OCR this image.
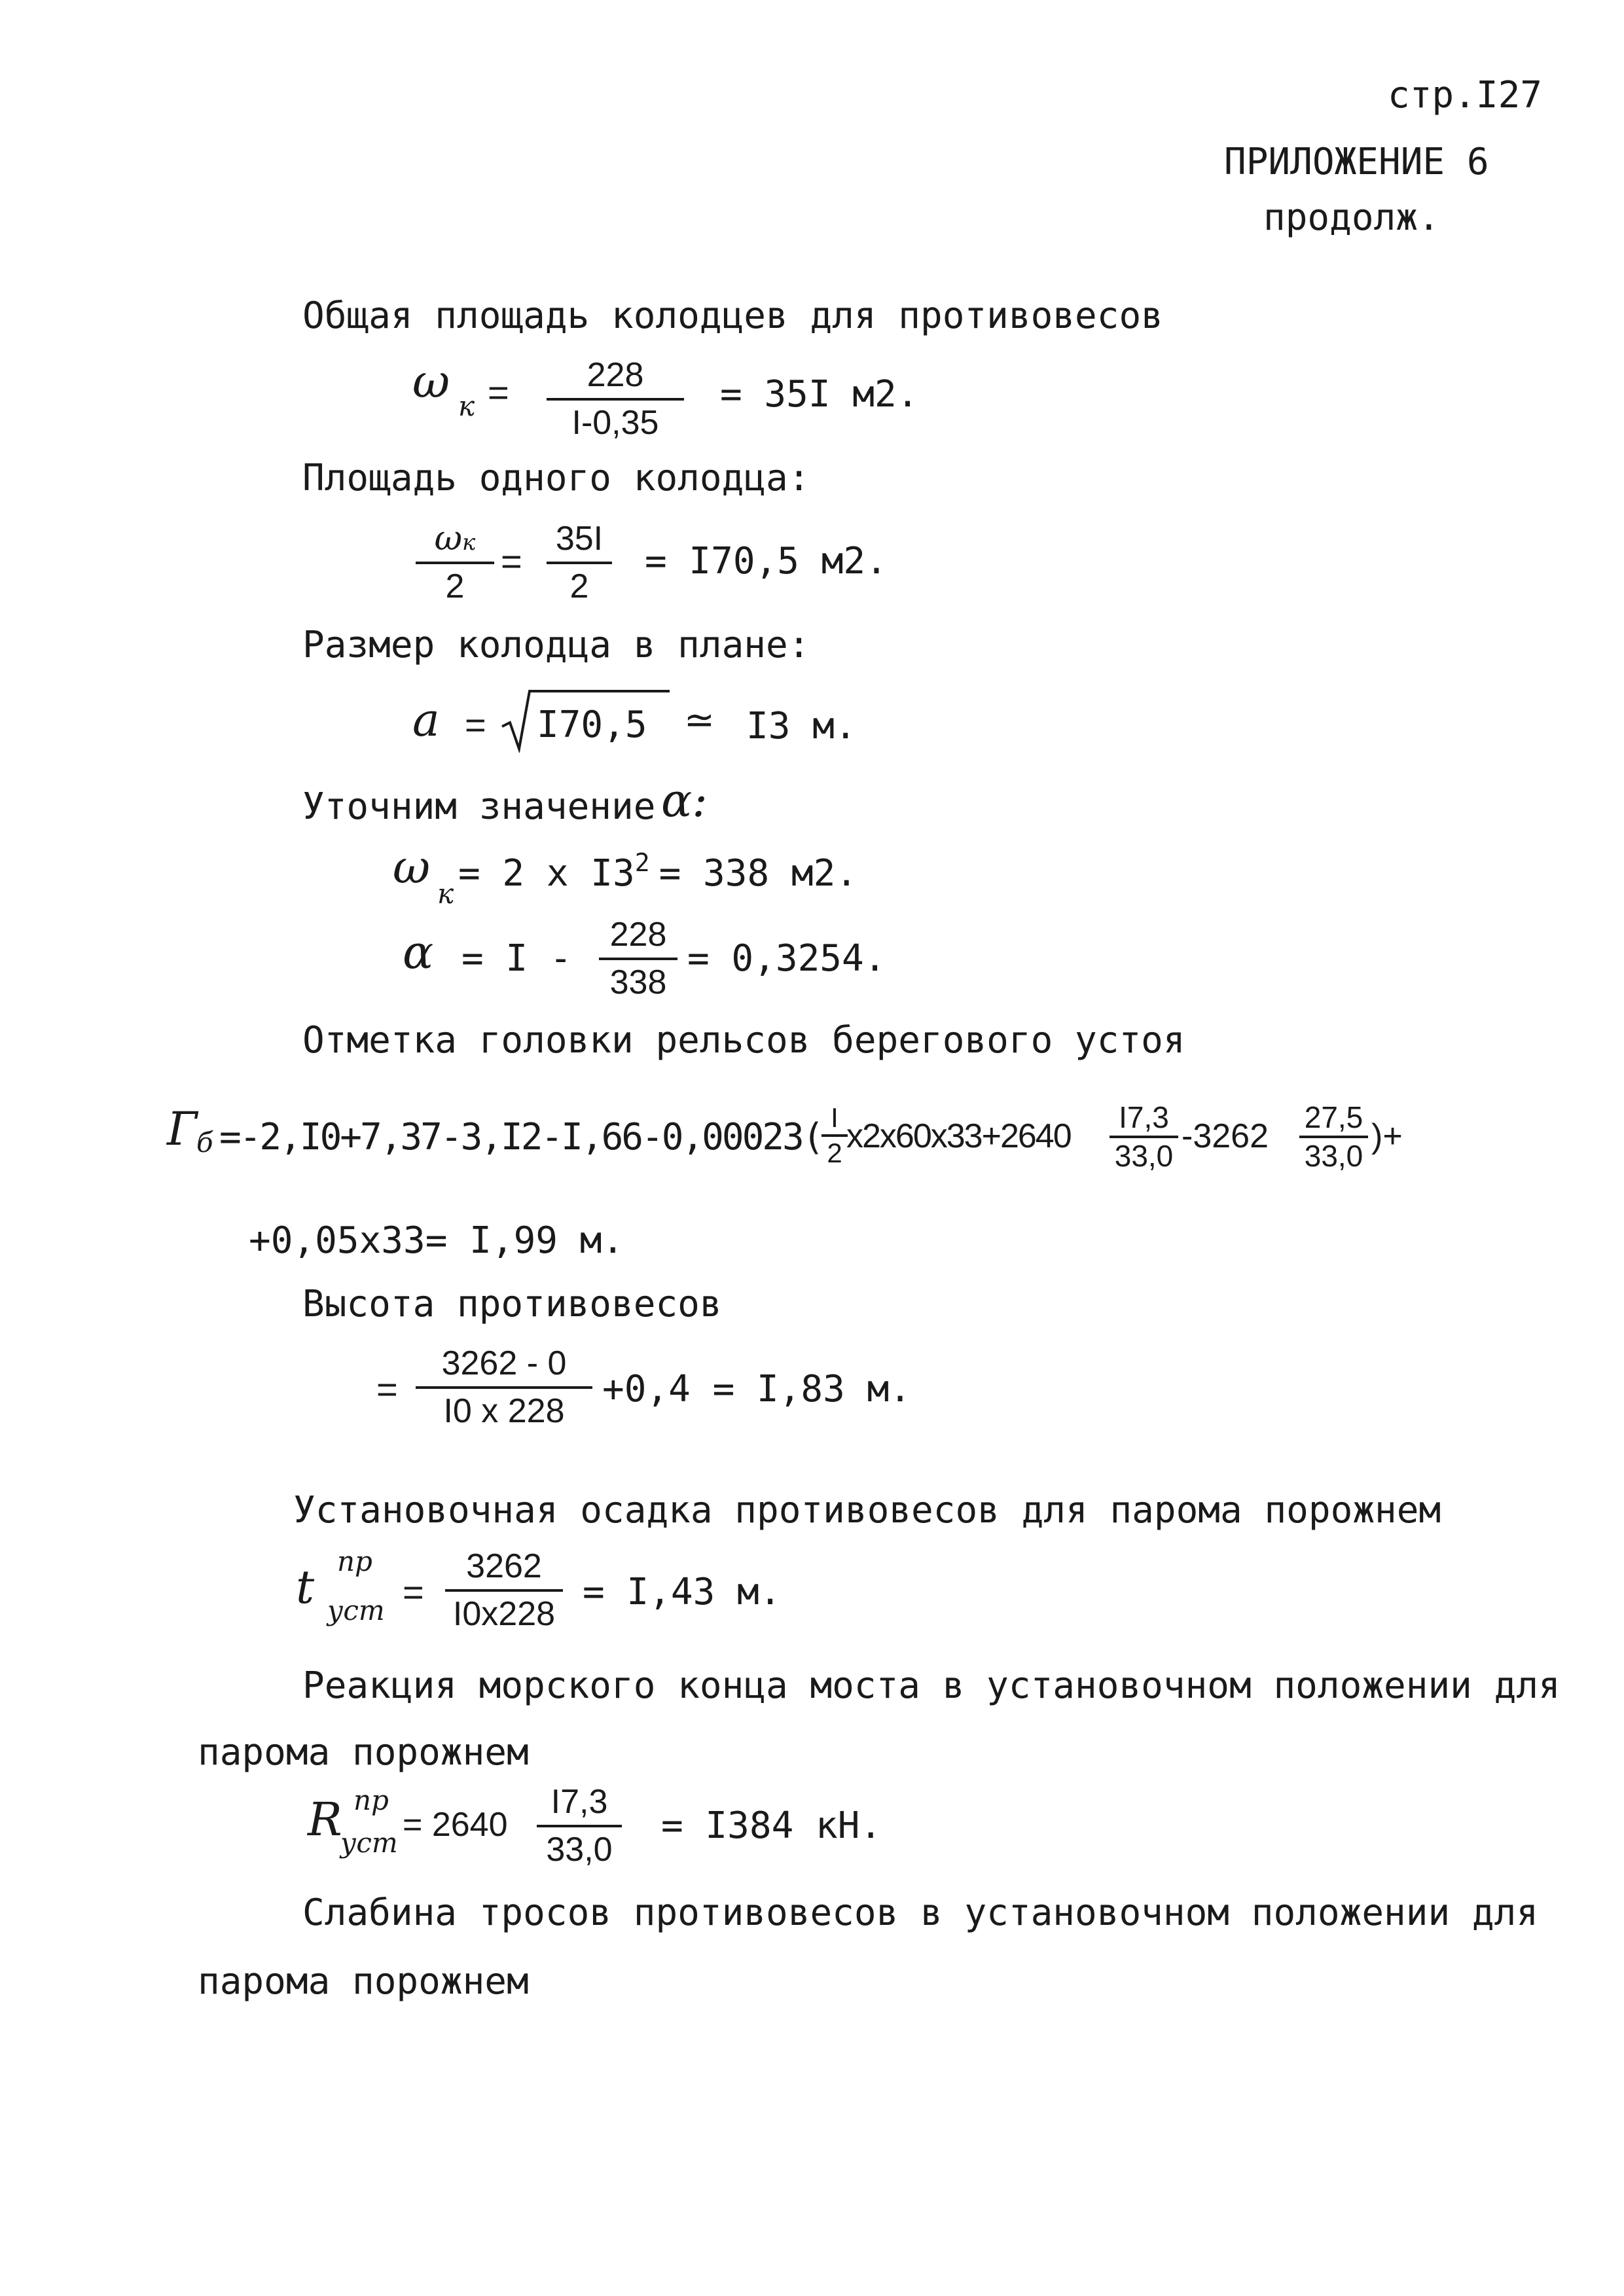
стр.I27
ПРИЛОЖЕНИЕ 6
продолж.
Общая площадь колодцев для противовесов
ω к =	228
I-0,35
= 35I м2.
Площадь одного колодца:
ωк
2
=
35I
2
= I70,5 м2.
Размер колодца в плане:
a = I70,5 ≃ I3 м.
Уточним значение α:
ω к = 2 x $I3^2 = 338$ м2.
α = I -
228
338
= 0,3254.
Отметка головки рельсов берегового устоя
Г
б =-2,I0+7,37-3,I2-I,66-0,00023( I
2 x2x60x33+2640	I7,3
33,0
-3262 27,5
33,0
)+
+0,05x33= I,99 м.
Высота противовесов
=
3262 - 0
I0 x 228
+0,4 = I,83 м.
Установочная осадка противовесов для парома порожнем
t пр
уст =
3262
I0x228
= I,43 м.
Реакция морского конца моста в установочном положении для
парома порожнем
R пр
уст = 2640
I7,3
33,0
= I384 кН.
Слабина тросов противовесов в установочном положении для
парома порожнем
